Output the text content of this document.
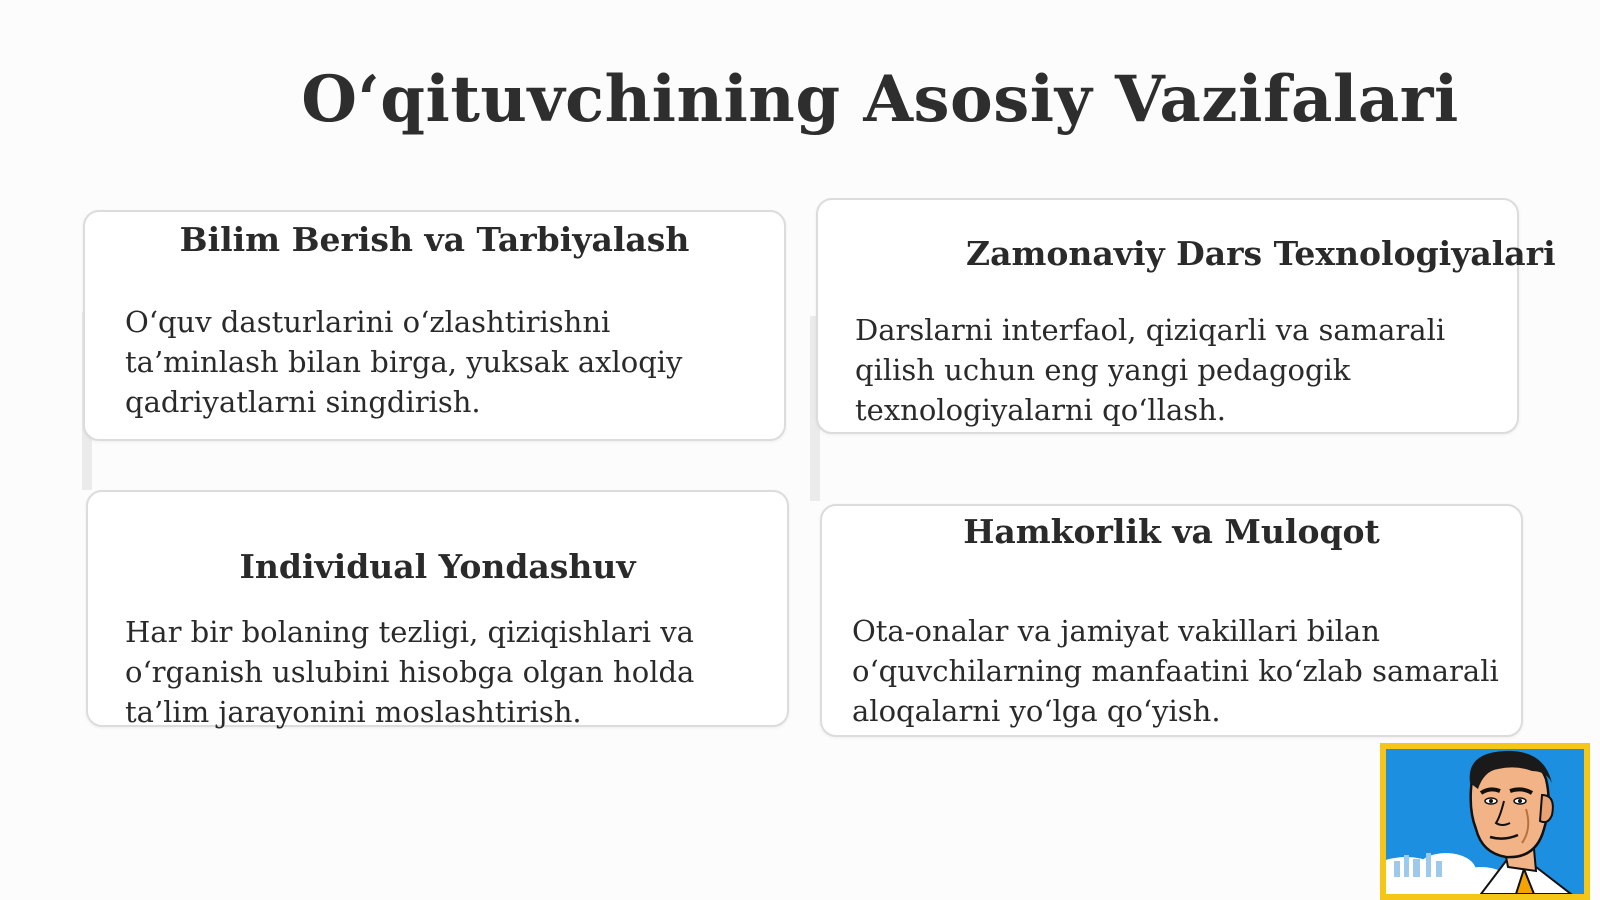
O‘qituvchining Asosiy Vazifalari
Bilim Berish va Tarbiyalash

O‘quv dasturlarini o‘zlashtirishni ta’minlash bilan birga, yuksak axloqiy qadriyatlarni singdirish.

Zamonaviy Dars Texnologiyalari

Darslarni interfaol, qiziqarli va samarali qilish uchun eng yangi pedagogik texnologiyalarni qo‘llash.

Individual Yondashuv

Har bir bolaning tezligi, qiziqishlari va o‘rganish uslubini hisobga olgan holda ta’lim jarayonini moslashtirish.

Hamkorlik va Muloqot

Ota-onalar va jamiyat vakillari bilan o‘quvchilarning manfaatini ko‘zlab samarali aloqalarni yo‘lga qo‘yish.
